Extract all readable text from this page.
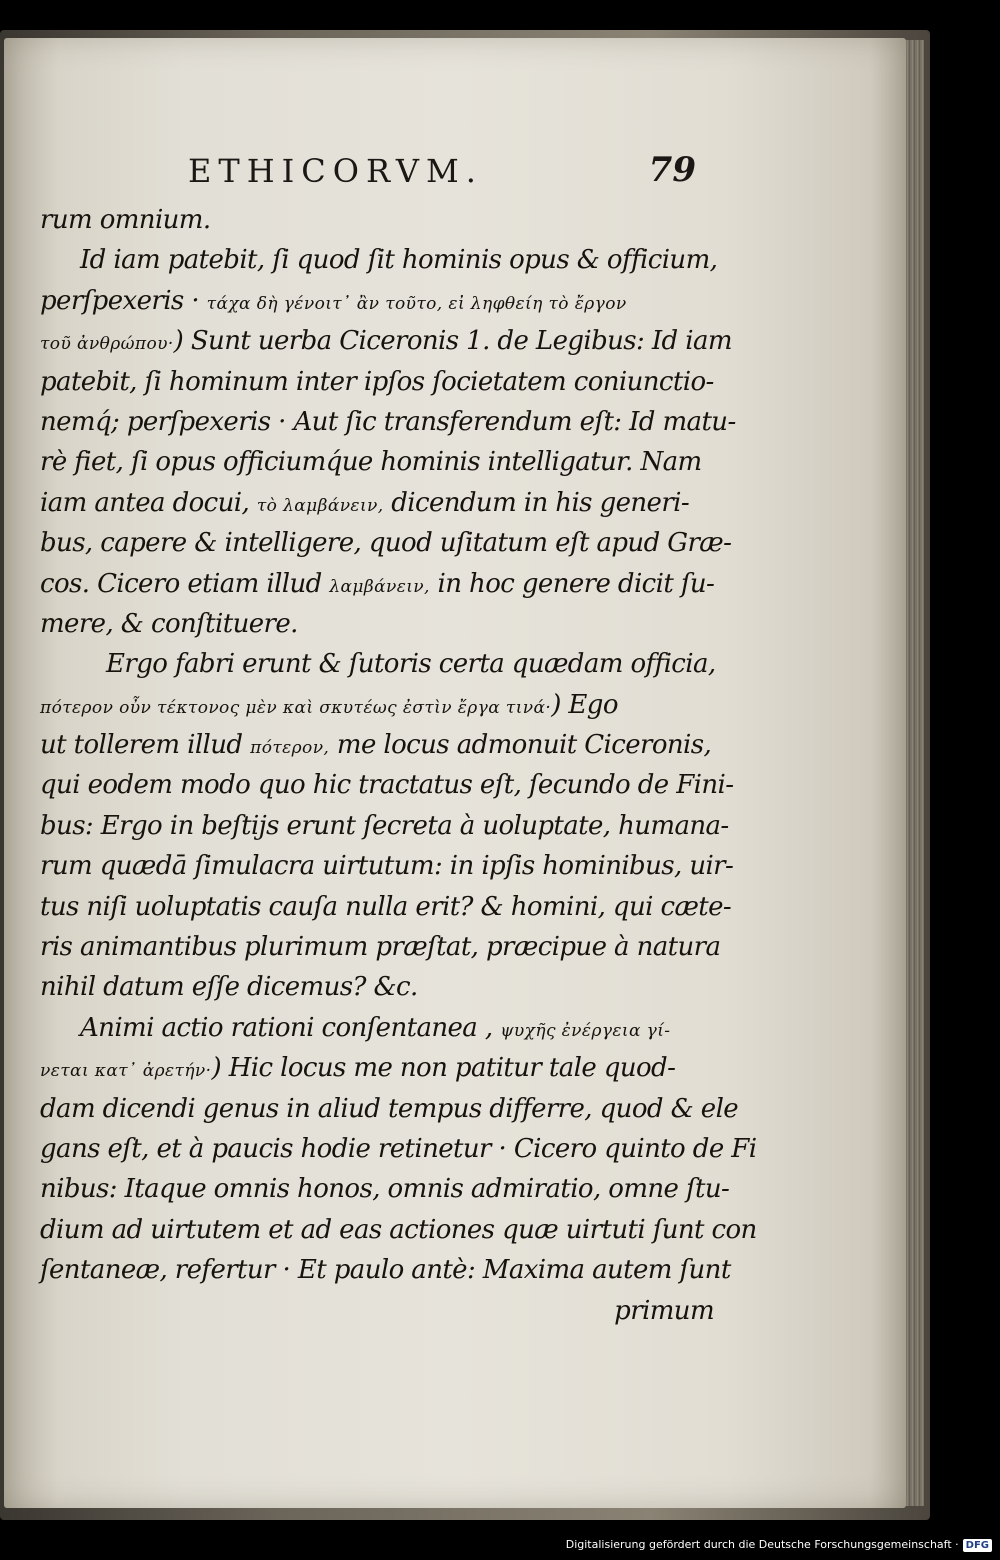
ETHICORVM.	79
rum omnium.
Id iam patebit, ſi quod ſit hominis opus & officium,
perſpexeris · τάχα δὴ γένοιτ᾽ ἂν τοῦτο, εἰ ληφθείη τὸ ἔργον
τοῦ ἀνθρώπου·) Sunt uerba Ciceronis 1. de Legibus: Id iam
patebit, ſi hominum inter ipſos ſocietatem coniunctio-
nemq́; perſpexeris · Aut ſic transferendum eſt: Id matu-
rè fiet, ſi opus officiumq́ue hominis intelligatur. Nam
iam antea docui, τὸ λαμβάνειν, dicendum in his generi-
bus, capere & intelligere, quod uſitatum eſt apud Græ-
cos. Cicero etiam illud λαμβάνειν, in hoc genere dicit ſu-
mere, & conſtituere.
Ergo fabri erunt & ſutoris certa quædam officia,
πότερον οὖν τέκτονος μὲν καὶ σκυτέως ἐστὶν ἔργα τινά·) Ego
ut tollerem illud πότερον, me locus admonuit Ciceronis,
qui eodem modo quo hic tractatus eſt, ſecundo de Fini-
bus: Ergo in beſtijs erunt ſecreta à uoluptate, humana-
rum quædā ſimulacra uirtutum: in ipſis hominibus, uir-
tus niſi uoluptatis cauſa nulla erit? & homini, qui cæte-
ris animantibus plurimum præſtat, præcipue à natura
nihil datum eſſe dicemus? &c.
Animi actio rationi conſentanea , ψυχῆς ἐνέργεια γί-
νεται κατ᾽ ἀρετήν·) Hic locus me non patitur tale quod-
dam dicendi genus in aliud tempus differre, quod & ele
gans eſt, et à paucis hodie retinetur · Cicero quinto de Fi
nibus: Itaque omnis honos, omnis admiratio, omne ſtu-
dium ad uirtutem et ad eas actiones quæ uirtuti ſunt con
ſentaneæ, refertur · Et paulo antè: Maxima autem ſunt
primum
Digitalisierung gefördert durch die Deutsche Forschungsgemeinschaft · DFG
